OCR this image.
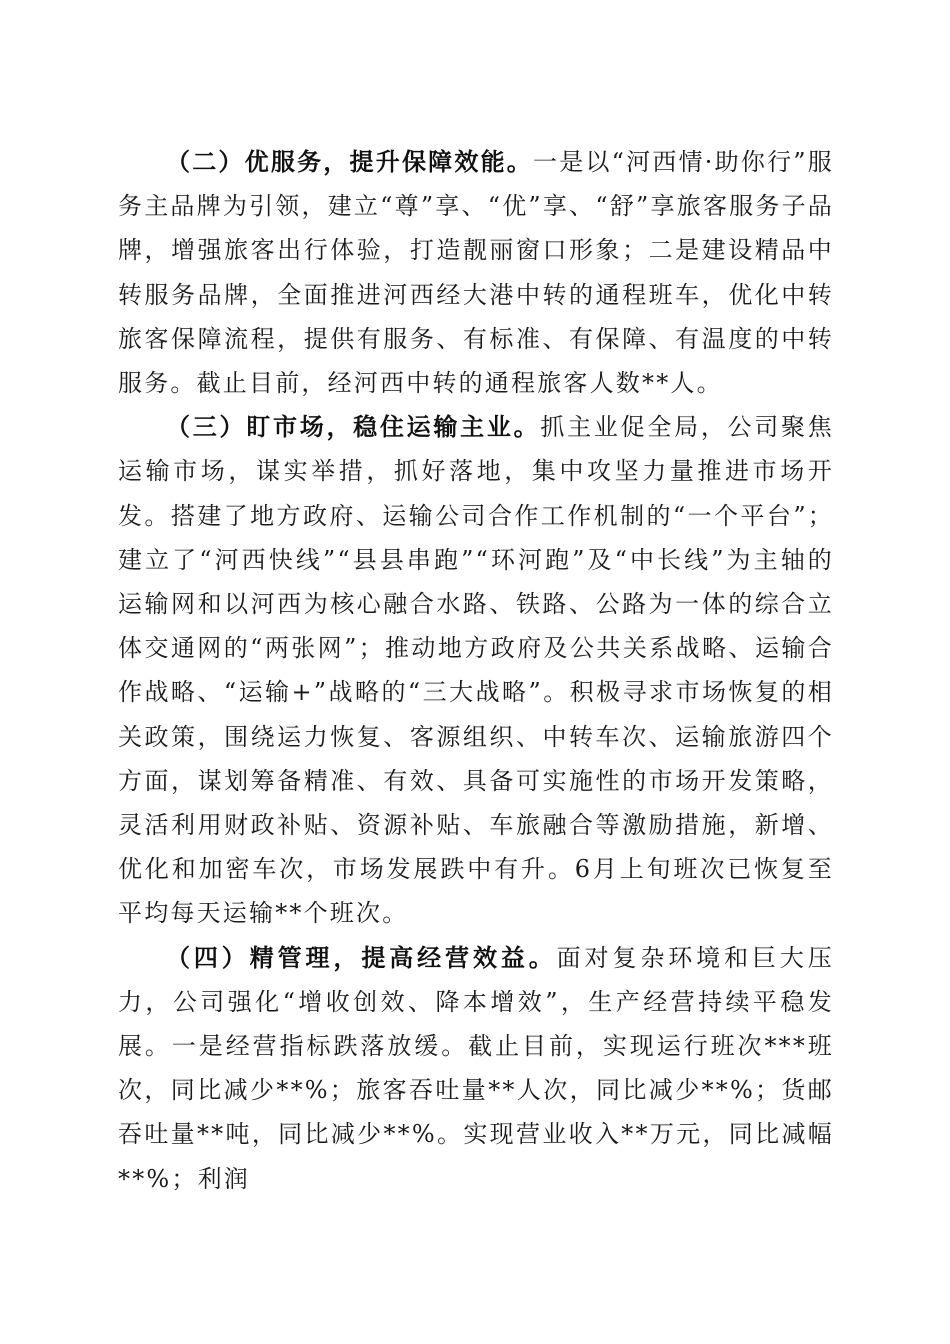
（二）优服务，提升保障效能。一是以“河西情·助你行”服务主品牌为引领，建立“尊”享、“优”享、“舒”享旅客服务子品牌，增强旅客出行体验，打造靓丽窗口形象；二是建设精品中转服务品牌，全面推进河西经大港中转的通程班车，优化中转旅客保障流程，提供有服务、有标准、有保障、有温度的中转服务。截止目前，经河西中转的通程旅客人数**人。

（三）盯市场，稳住运输主业。抓主业促全局，公司聚焦运输市场，谋实举措，抓好落地，集中攻坚力量推进市场开发。搭建了地方政府、运输公司合作工作机制的“一个平台”；建立了“河西快线”“县县串跑”“环河跑”及“中长线”为主轴的运输网和以河西为核心融合水路、铁路、公路为一体的综合立体交通网的“两张网”；推动地方政府及公共关系战略、运输合作战略、“运输+”战略的“三大战略”。积极寻求市场恢复的相关政策，围绕运力恢复、客源组织、中转车次、运输旅游四个方面，谋划筹备精准、有效、具备可实施性的市场开发策略，灵活利用财政补贴、资源补贴、车旅融合等激励措施，新增、优化和加密车次，市场发展跌中有升。6月上旬班次已恢复至平均每天运输**个班次。

（四）精管理，提高经营效益。面对复杂环境和巨大压力，公司强化“增收创效、降本增效”，生产经营持续平稳发展。一是经营指标跌落放缓。截止目前，实现运行班次***班次，同比减少**%；旅客吞吐量**人次，同比减少**%；货邮吞吐量**吨，同比减少**%。实现营业收入**万元，同比减幅**%；利润
